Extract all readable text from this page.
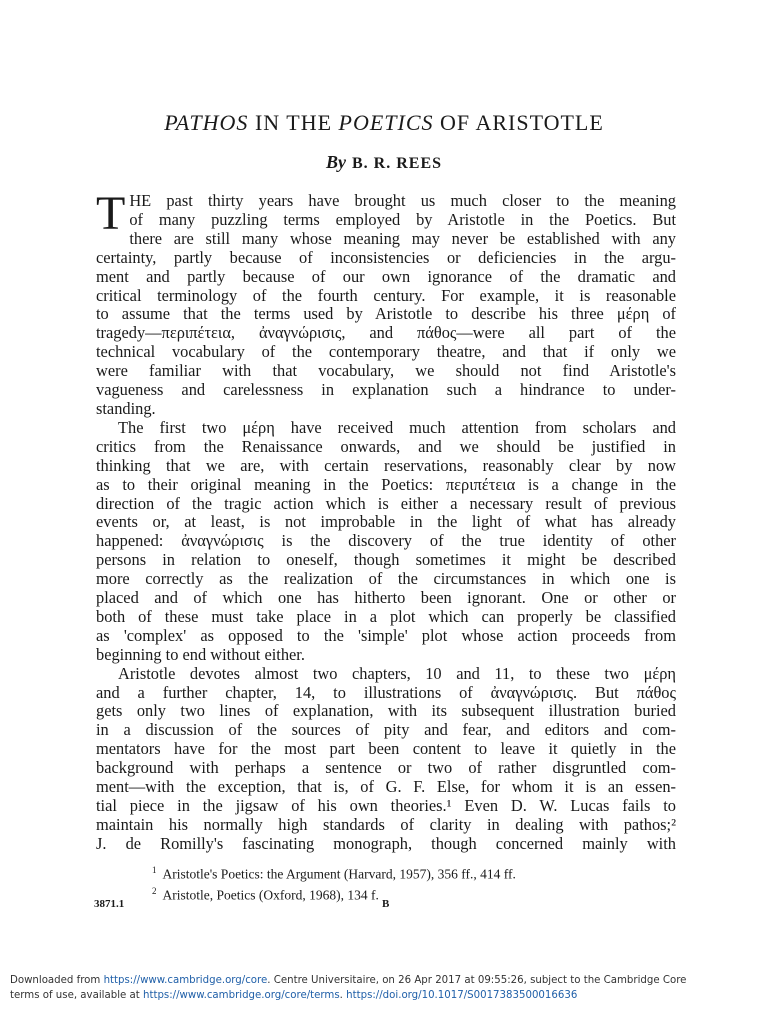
PATHOS IN THE POETICS OF ARISTOTLE
By B. R. REES

T HE past thirty years have brought us much closer to the meaning
of many puzzling terms employed by Aristotle in the Poetics. But
there are still many whose meaning may never be established with any
certainty, partly because of inconsistencies or deficiencies in the argu-
ment and partly because of our own ignorance of the dramatic and
critical terminology of the fourth century. For example, it is reasonable
to assume that the terms used by Aristotle to describe his three μέρη of
tragedy—περιπέτεια, ἀναγνώρισις, and πάθος—were all part of the
technical vocabulary of the contemporary theatre, and that if only we
were familiar with that vocabulary, we should not find Aristotle's
vagueness and carelessness in explanation such a hindrance to under-
standing.

The first two μέρη have received much attention from scholars and
critics from the Renaissance onwards, and we should be justified in
thinking that we are, with certain reservations, reasonably clear by now
as to their original meaning in the Poetics: περιπέτεια is a change in the
direction of the tragic action which is either a necessary result of previous
events or, at least, is not improbable in the light of what has already
happened: ἀναγνώρισις is the discovery of the true identity of other
persons in relation to oneself, though sometimes it might be described
more correctly as the realization of the circumstances in which one is
placed and of which one has hitherto been ignorant. One or other or
both of these must take place in a plot which can properly be classified
as 'complex' as opposed to the 'simple' plot whose action proceeds from
beginning to end without either.

Aristotle devotes almost two chapters, 10 and 11, to these two μέρη
and a further chapter, 14, to illustrations of ἀναγνώρισις. But πάθος
gets only two lines of explanation, with its subsequent illustration buried
in a discussion of the sources of pity and fear, and editors and com-
mentators have for the most part been content to leave it quietly in the
background with perhaps a sentence or two of rather disgruntled com-
ment—with the exception, that is, of G. F. Else, for whom it is an essen-
tial piece in the jigsaw of his own theories.¹ Even D. W. Lucas fails to
maintain his normally high standards of clarity in dealing with pathos;²
J. de Romilly's fascinating monograph, though concerned mainly with

$^1$ Aristotle's Poetics: the Argument (Harvard, 1957), 356 ff., 414 ff.
$^2$ Aristotle, Poetics (Oxford, 1968), 134 f.
3871.1	B
Downloaded from https://www.cambridge.org/core. Centre Universitaire, on 26 Apr 2017 at 09:55:26, subject to the Cambridge Core
terms of use, available at https://www.cambridge.org/core/terms. https://doi.org/10.1017/S0017383500016636
